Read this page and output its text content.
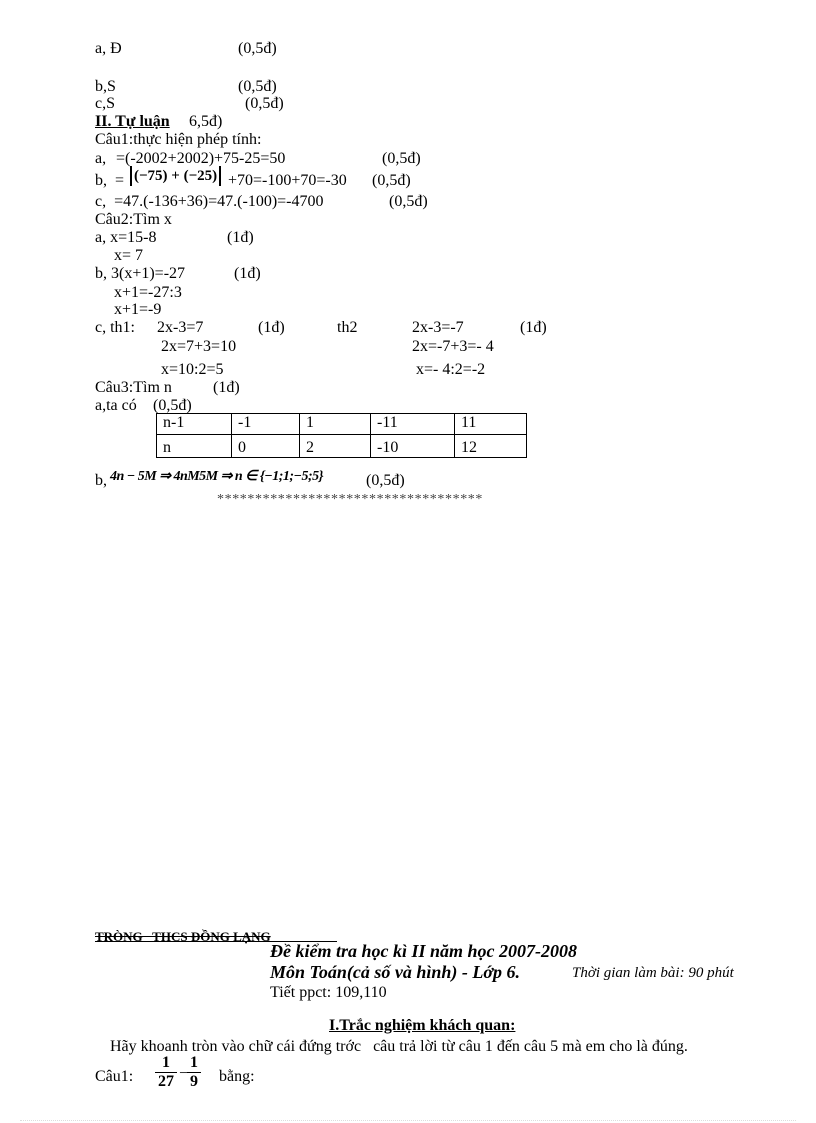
a, Đ	(0,5đ)
b,S	(0,5đ)
c,S	(0,5đ)
II. Tự luận 6,5đ)
Câu1:thực hiện phép tính:
a, =(-2002+2002)+75-25=50	(0,5đ)
b,  = (−75) + (−25) +70=-100+70=-30 (0,5đ)
c,  =47.(-136+36)=47.(-100)=-4700	(0,5đ)
Câu2:Tìm x
a, x=15-8	(1đ)
x= 7
b, 3(x+1)=-27	(1đ)
x+1=-27:3
x+1=-9
c, th1: 2x-3=7	(1đ)	th2	2x-3=-7	(1đ)
2x=7+3=10	2x=-7+3=- 4
x=10:2=5	x=- 4:2=-2
Câu3:Tìm n	(1đ)
a,ta có (0,5đ)
n-1	-1	1	-11	11
n	0	2	-10	12
b, 4n − 5M ⇒ 4nM5M ⇒ n ∈ {−1;1;−5;5}	(0,5đ)
***********************************
TRÒNG   THCS ĐỒNG LẠNG
Đề kiểm tra học kì II năm học 2007-2008
Môn Toán(cả số và hình) - Lớp 6.	Thời gian làm bài: 90 phút
Tiết ppct: 109,110
I.Trắc nghiệm khách quan:
Hãy khoanh tròn vào chữ cái đứng trớc   câu trả lời từ câu 1 đến câu 5 mà em cho là đúng.
Câu1: $\frac{1}{27}$ −
$\frac{1}{9}$ bằng:
